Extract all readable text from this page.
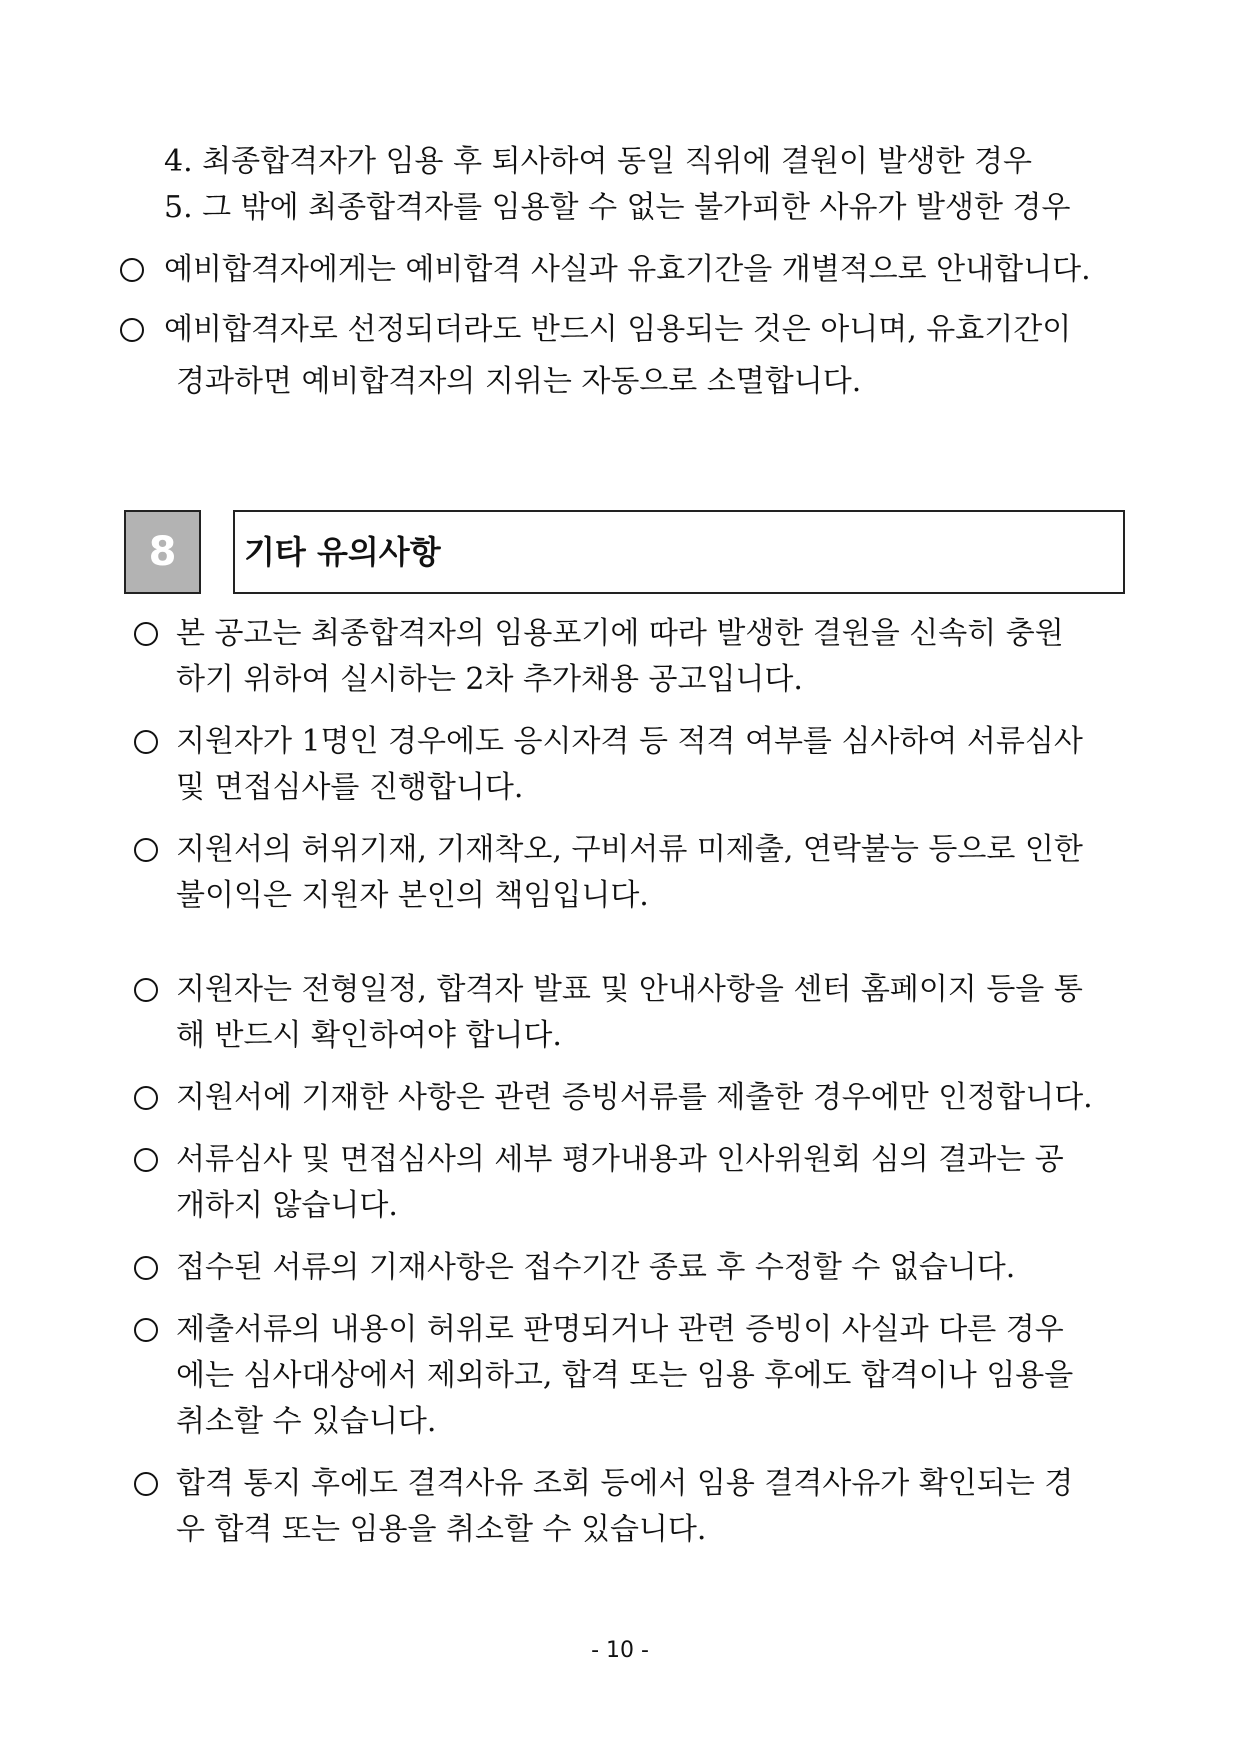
4. 최종합격자가 임용 후 퇴사하여 동일 직위에 결원이 발생한 경우
5. 그 밖에 최종합격자를 임용할 수 없는 불가피한 사유가 발생한 경우
예비합격자에게는 예비합격 사실과 유효기간을 개별적으로 안내합니다.
예비합격자로 선정되더라도 반드시 임용되는 것은 아니며, 유효기간이
경과하면 예비합격자의 지위는 자동으로 소멸합니다.
8	기타 유의사항
본 공고는 최종합격자의 임용포기에 따라 발생한 결원을 신속히 충원
하기 위하여 실시하는 2차 추가채용 공고입니다.
지원자가 1명인 경우에도 응시자격 등 적격 여부를 심사하여 서류심사
및 면접심사를 진행합니다.
지원서의 허위기재, 기재착오, 구비서류 미제출, 연락불능 등으로 인한
불이익은 지원자 본인의 책임입니다.
지원자는 전형일정, 합격자 발표 및 안내사항을 센터 홈페이지 등을 통
해 반드시 확인하여야 합니다.
지원서에 기재한 사항은 관련 증빙서류를 제출한 경우에만 인정합니다.
서류심사 및 면접심사의 세부 평가내용과 인사위원회 심의 결과는 공
개하지 않습니다.
접수된 서류의 기재사항은 접수기간 종료 후 수정할 수 없습니다.
제출서류의 내용이 허위로 판명되거나 관련 증빙이 사실과 다른 경우
에는 심사대상에서 제외하고, 합격 또는 임용 후에도 합격이나 임용을
취소할 수 있습니다.
합격 통지 후에도 결격사유 조회 등에서 임용 결격사유가 확인되는 경
우 합격 또는 임용을 취소할 수 있습니다.
- 10 -
